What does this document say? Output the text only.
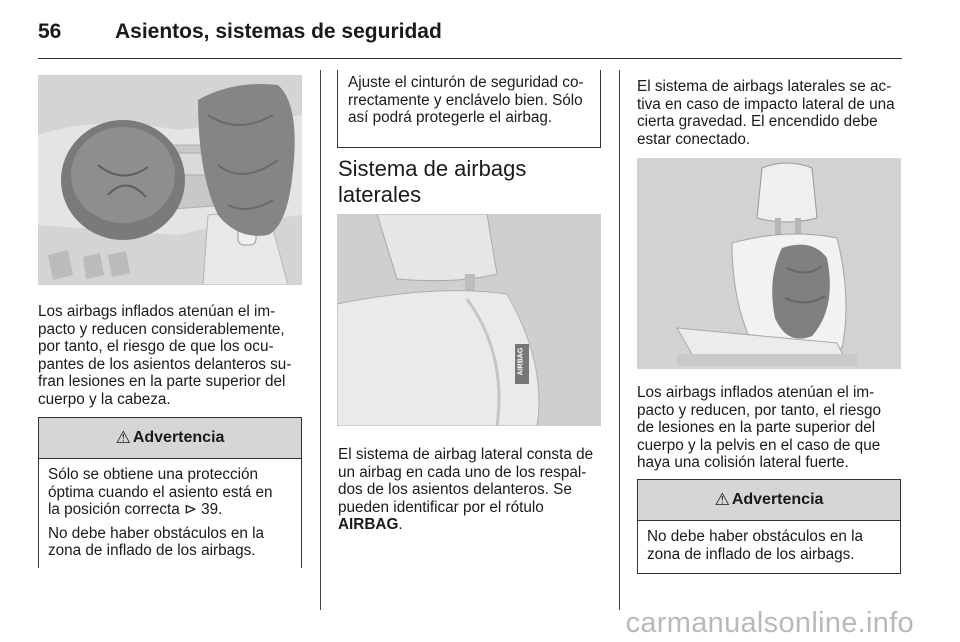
56	Asientos, sistemas de seguridad

Los airbags inflados atenúan el im-
pacto y reducen considerablemente,
por tanto, el riesgo de que los ocu-
pantes de los asientos delanteros su-
fran lesiones en la parte superior del
cuerpo y la cabeza.

⚠ Advertencia

Sólo se obtiene una protección
óptima cuando el asiento está en
la posición correcta ⊳ 39.

No debe haber obstáculos en la
zona de inflado de los airbags.

Ajuste el cinturón de seguridad co-
rrectamente y enclávelo bien. Sólo
así podrá protegerle el airbag.
Sistema de airbags
laterales
AIRBAG

El sistema de airbag lateral consta de
un airbag en cada uno de los respal-
dos de los asientos delanteros. Se
pueden identificar por el rótulo
AIRBAG.

El sistema de airbags laterales se ac-
tiva en caso de impacto lateral de una
cierta gravedad. El encendido debe
estar conectado.

Los airbags inflados atenúan el im-
pacto y reducen, por tanto, el riesgo
de lesiones en la parte superior del
cuerpo y la pelvis en el caso de que
haya una colisión lateral fuerte.

⚠ Advertencia

No debe haber obstáculos en la
zona de inflado de los airbags.

carmanualsonline.info
